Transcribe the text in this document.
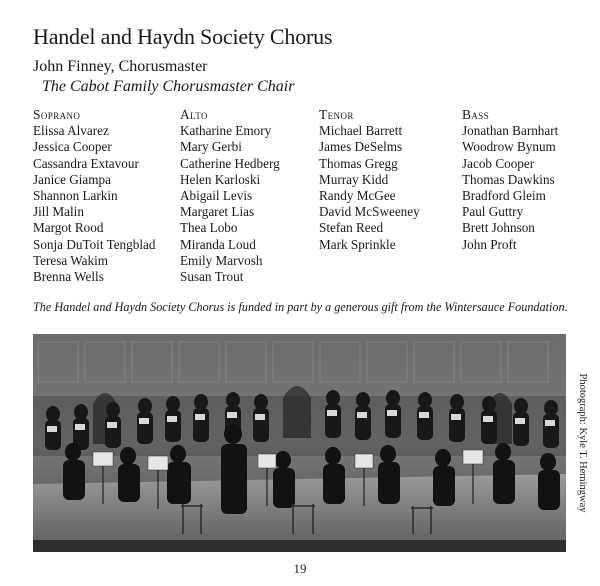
Handel and Haydn Society Chorus
John Finney, Chorusmaster
The Cabot Family Chorusmaster Chair
Soprano
Elissa Alvarez
Jessica Cooper
Cassandra Extavour
Janice Giampa
Shannon Larkin
Jill Malin
Margot Rood
Sonja DuToit Tengblad
Teresa Wakim
Brenna Wells
Alto
Katharine Emory
Mary Gerbi
Catherine Hedberg
Helen Karloski
Abigail Levis
Margaret Lias
Thea Lobo
Miranda Loud
Emily Marvosh
Susan Trout
Tenor
Michael Barrett
James DeSelms
Thomas Gregg
Murray Kidd
Randy McGee
David McSweeney
Stefan Reed
Mark Sprinkle
Bass
Jonathan Barnhart
Woodrow Bynum
Jacob Cooper
Thomas Dawkins
Bradford Gleim
Paul Guttry
Brett Johnson
John Proft
The Handel and Haydn Society Chorus is funded in part by a generous gift from the Wintersauce Foundation.
Photograph: Kyle T. Hemingway
19
